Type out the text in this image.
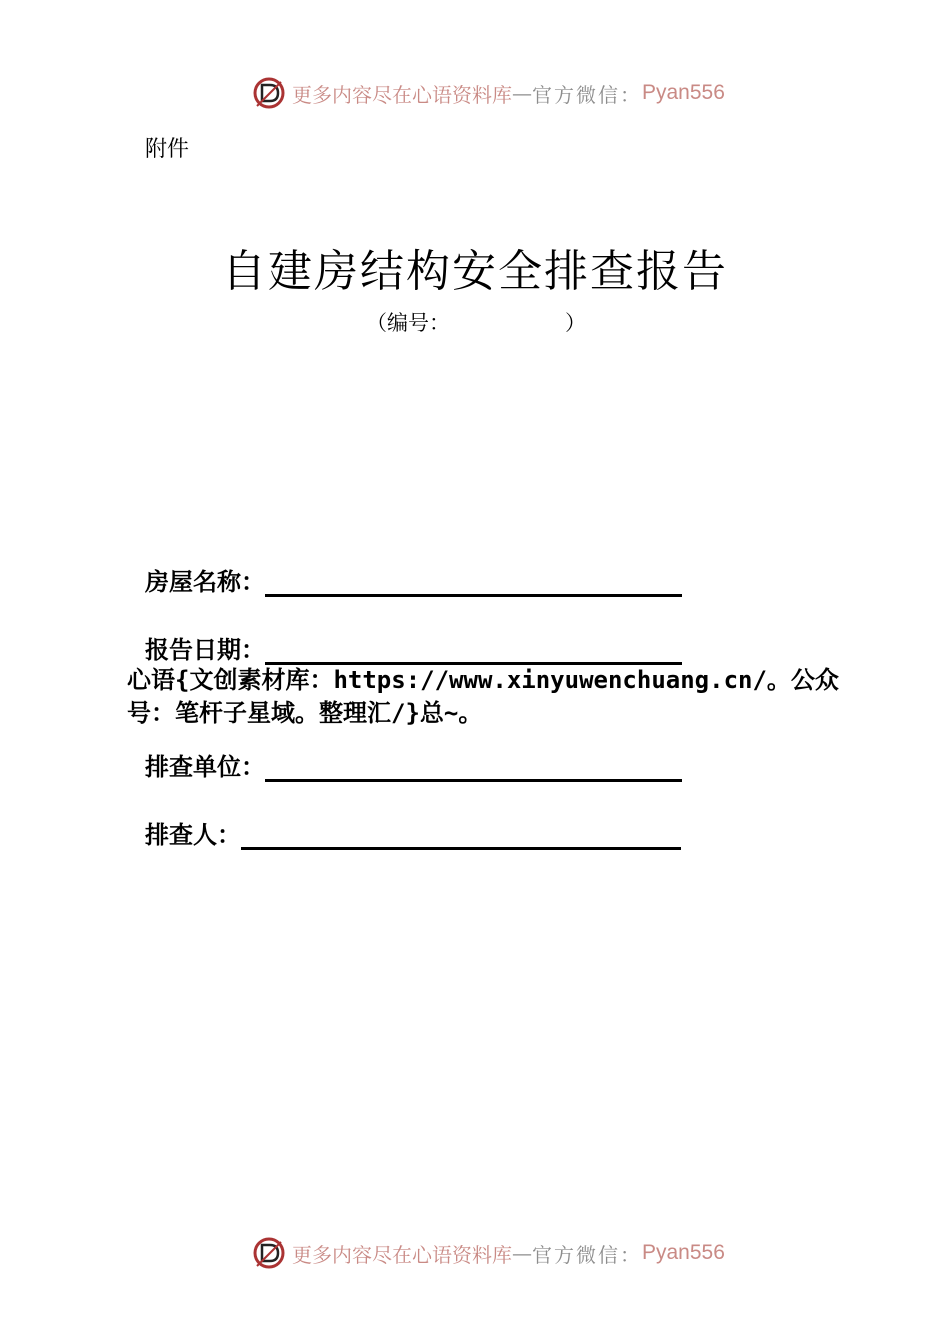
更多内容尽在心语资料库 — 官方微信： Pyan556
附件
自建房结构安全排查报告
（编号：	）
房屋名称：
报告日期：
心语{文创素材库：https://www.xinyuwenchuang.cn/。公众号：笔杆子星域。整理汇/}总~。
排查单位：
排查人：
更多内容尽在心语资料库 — 官方微信： Pyan556
